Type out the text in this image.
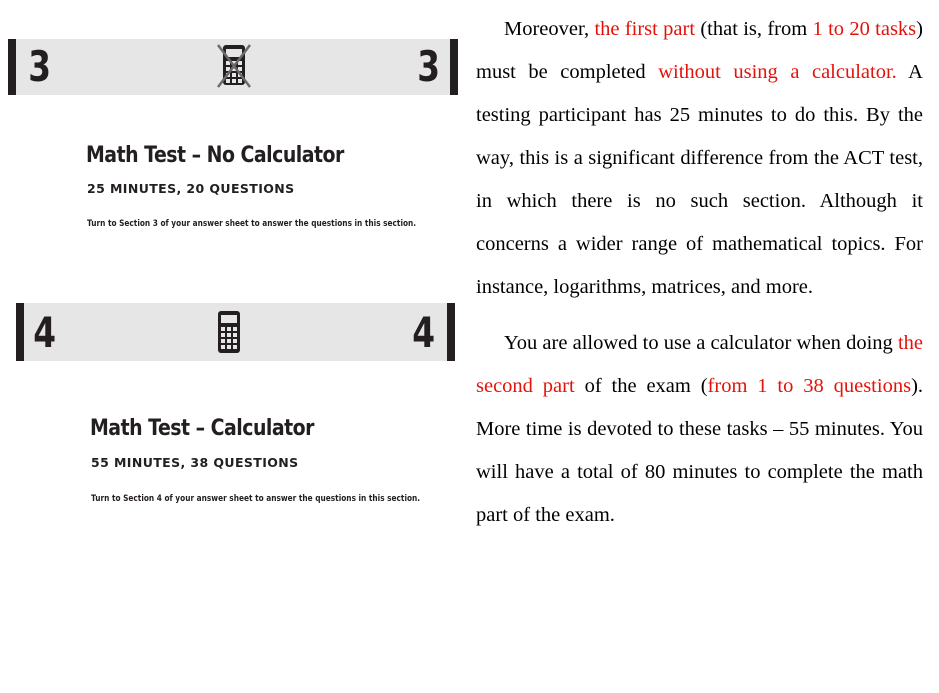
3	3
Math Test – No Calculator
25 MINUTES, 20 QUESTIONS
Turn to Section 3 of your answer sheet to answer the questions in this section.
4	4
Math Test – Calculator
55 MINUTES, 38 QUESTIONS
Turn to Section 4 of your answer sheet to answer the questions in this section.

Moreover, the first part (that is, from 1 to 20 tasks) must be completed without using a calculator. A testing participant has 25 minutes to do this. By the way, this is a significant difference from the ACT test, in which there is no such section. Although it concerns a wider range of mathematical topics. For instance, logarithms, matrices, and more.

You are allowed to use a calculator when doing the second part of the exam (from 1 to 38 questions). More time is devoted to these tasks – 55 minutes. You will have a total of 80 minutes to complete the math part of the exam.
